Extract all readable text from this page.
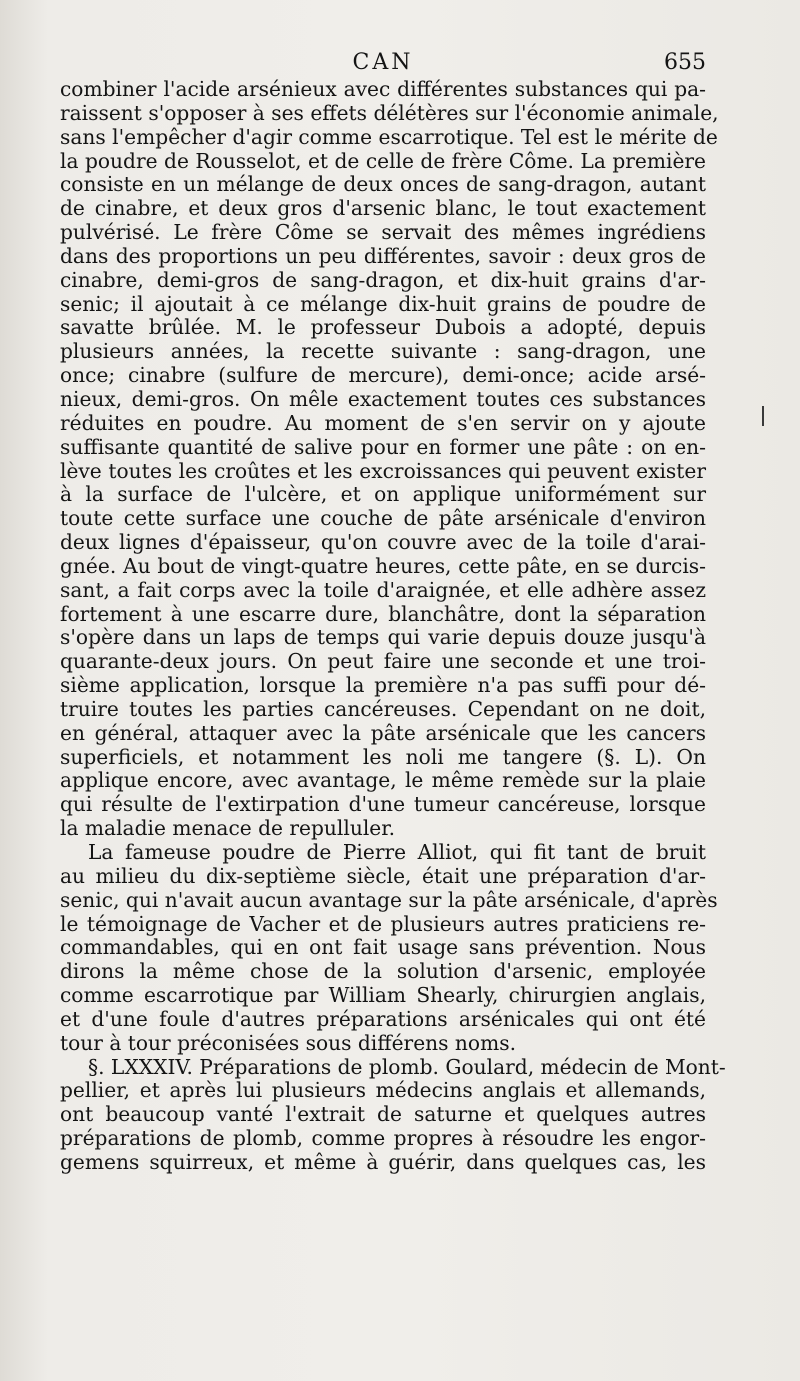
CAN	655
combiner l'acide arsénieux avec différentes substances qui pa-
raissent s'opposer à ses effets délétères sur l'économie animale,
sans l'empêcher d'agir comme escarrotique. Tel est le mérite de
la poudre de Rousselot, et de celle de frère Côme. La première
consiste en un mélange de deux onces de sang-dragon, autant
de cinabre, et deux gros d'arsenic blanc, le tout exactement
pulvérisé. Le frère Côme se servait des mêmes ingrédiens
dans des proportions un peu différentes, savoir : deux gros de
cinabre, demi-gros de sang-dragon, et dix-huit grains d'ar-
senic; il ajoutait à ce mélange dix-huit grains de poudre de
savatte brûlée. M. le professeur Dubois a adopté, depuis
plusieurs années, la recette suivante : sang-dragon, une
once; cinabre (sulfure de mercure), demi-once; acide arsé-
nieux, demi-gros. On mêle exactement toutes ces substances
réduites en poudre. Au moment de s'en servir on y ajoute
suffisante quantité de salive pour en former une pâte : on en-
lève toutes les croûtes et les excroissances qui peuvent exister
à la surface de l'ulcère, et on applique uniformément sur
toute cette surface une couche de pâte arsénicale d'environ
deux lignes d'épaisseur, qu'on couvre avec de la toile d'arai-
gnée. Au bout de vingt-quatre heures, cette pâte, en se durcis-
sant, a fait corps avec la toile d'araignée, et elle adhère assez
fortement à une escarre dure, blanchâtre, dont la séparation
s'opère dans un laps de temps qui varie depuis douze jusqu'à
quarante-deux jours. On peut faire une seconde et une troi-
sième application, lorsque la première n'a pas suffi pour dé-
truire toutes les parties cancéreuses. Cependant on ne doit,
en général, attaquer avec la pâte arsénicale que les cancers
superficiels, et notamment les noli me tangere (§. L). On
applique encore, avec avantage, le même remède sur la plaie
qui résulte de l'extirpation d'une tumeur cancéreuse, lorsque
la maladie menace de repulluler.
La fameuse poudre de Pierre Alliot, qui fit tant de bruit
au milieu du dix-septième siècle, était une préparation d'ar-
senic, qui n'avait aucun avantage sur la pâte arsénicale, d'après
le témoignage de Vacher et de plusieurs autres praticiens re-
commandables, qui en ont fait usage sans prévention. Nous
dirons la même chose de la solution d'arsenic, employée
comme escarrotique par William Shearly, chirurgien anglais,
et d'une foule d'autres préparations arsénicales qui ont été
tour à tour préconisées sous différens noms.
§. LXXXIV. Préparations de plomb. Goulard, médecin de Mont-
pellier, et après lui plusieurs médecins anglais et allemands,
ont beaucoup vanté l'extrait de saturne et quelques autres
préparations de plomb, comme propres à résoudre les engor-
gemens squirreux, et même à guérir, dans quelques cas, les
